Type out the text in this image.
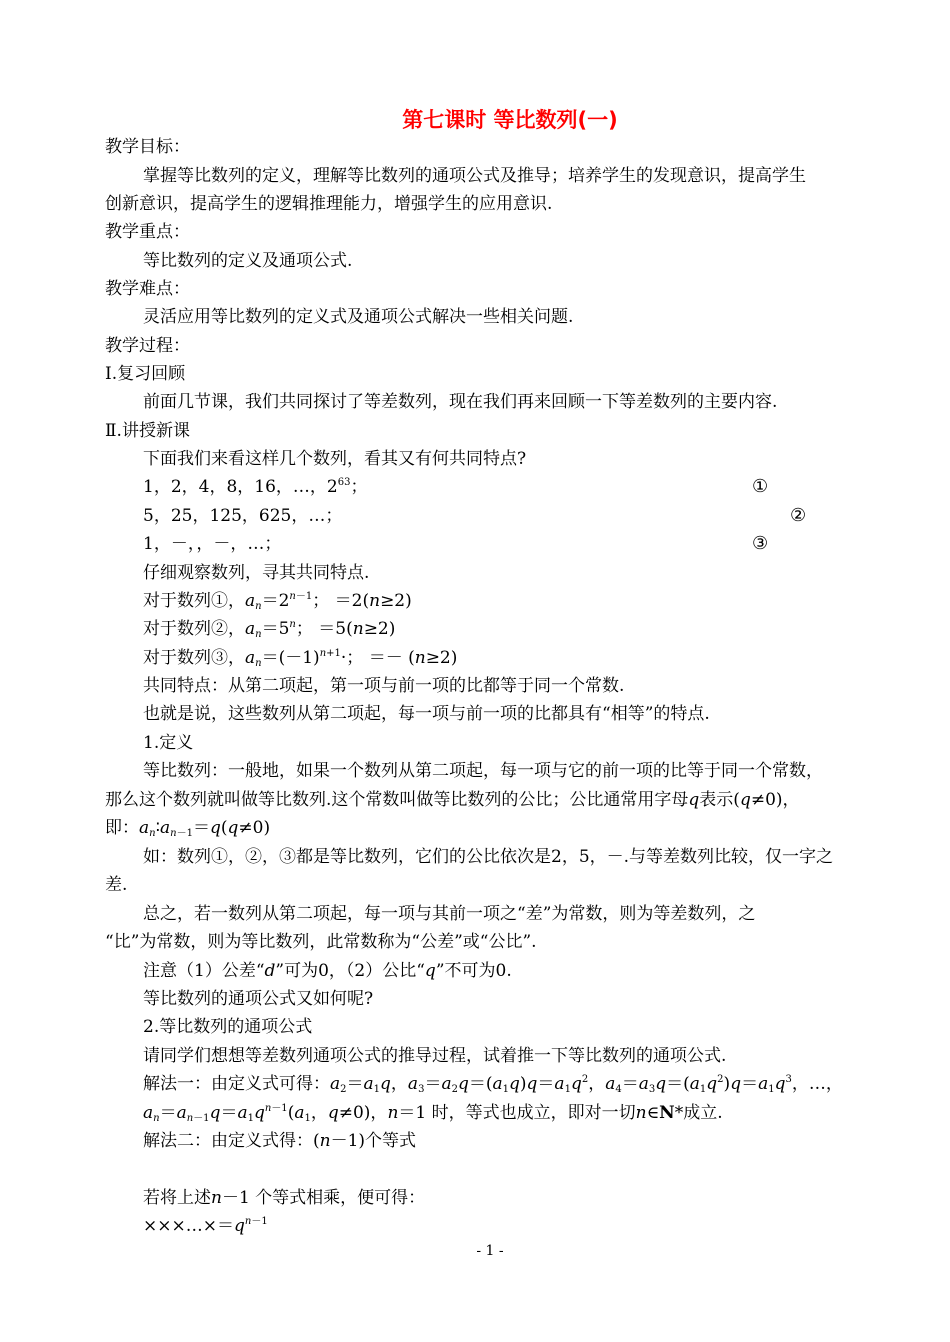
第七课时 等比数列(一)
教学目标：
掌握等比数列的定义，理解等比数列的通项公式及推导；培养学生的发现意识，提高学生
创新意识，提高学生的逻辑推理能力，增强学生的应用意识.
教学重点：
等比数列的定义及通项公式.
教学难点：
灵活应用等比数列的定义式及通项公式解决一些相关问题.
教学过程：
Ⅰ.复习回顾
前面几节课，我们共同探讨了等差数列，现在我们再来回顾一下等差数列的主要内容.
Ⅱ.讲授新课
下面我们来看这样几个数列，看其又有何共同特点?
1，2，4，8，16，…，$2^{63}$；	①
5，25，125，625，…；	②
1，－，，－，…；	③
仔细观察数列，寻其共同特点.
对于数列①，$a_n=2^{n-1}$； ＝2(n≥2)
对于数列②，$a_n=5^n$； ＝5(n≥2)
对于数列③，$a_n=(-1)^{n+1}\cdot$； ＝－ (n≥2)
共同特点：从第二项起，第一项与前一项的比都等于同一个常数.
也就是说，这些数列从第二项起，每一项与前一项的比都具有“相等”的特点.
1.定义
等比数列：一般地，如果一个数列从第二项起，每一项与它的前一项的比等于同一个常数，
那么这个数列就叫做等比数列.这个常数叫做等比数列的公比；公比通常用字母q表示(q≠0)，
即：$a_n∶a_{n-1}=q(q\ne 0)$
如：数列①，②，③都是等比数列，它们的公比依次是2，5，－.与等差数列比较，仅一字之
差.
总之，若一数列从第二项起，每一项与其前一项之“差”为常数，则为等差数列，之
“比”为常数，则为等比数列，此常数称为“公差”或“公比”.
注意（1）公差“d”可为0，（2）公比“q”不可为0.
等比数列的通项公式又如何呢?
2.等比数列的通项公式
请同学们想想等差数列通项公式的推导过程，试着推一下等比数列的通项公式.
解法一：由定义式可得：$a_2=a_1q$，$a_3=a_2q=(a_1q)q=a_1q^2$，$a_4=a_3q=(a_1q^2)q=a_1q^3$，…，
$a_n=a_{n-1}q=a_1q^{n-1}(a_1$，q≠0)，n＝1 时，等式也成立，即对一切n∈N*成立.
解法二：由定义式得：(n－1)个等式
若将上述n－1 个等式相乘，便可得：
$\times\times\times\dots\times=q^{n-1}$
- 1 -
